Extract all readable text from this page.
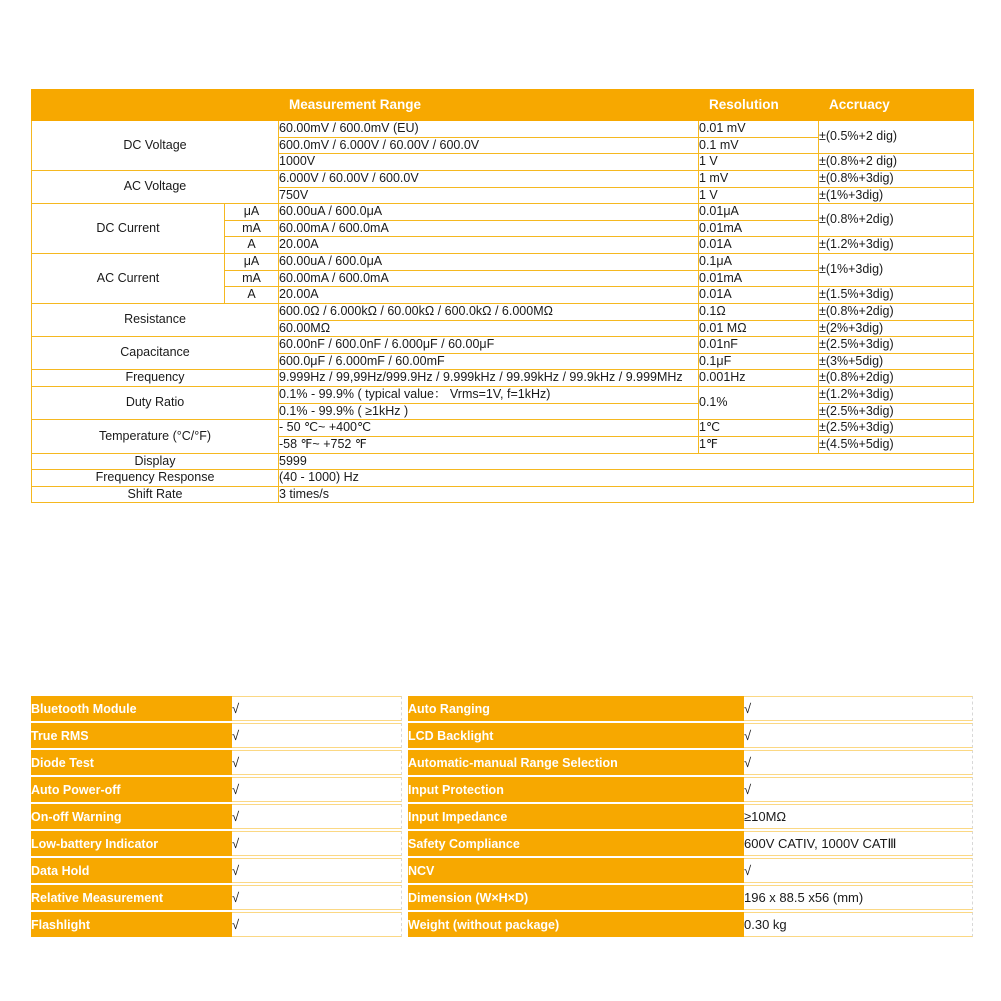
		Measurement Range	Resolution	Accruacy
DC Voltage		60.00mV / 600.0mV (EU)	0.01 mV	±(0.5%+2 dig)
		600.0mV / 6.000V / 60.00V / 600.0V	0.1 mV	
		1000V	1 V	±(0.8%+2 dig)
AC Voltage		6.000V / 60.00V / 600.0V	1 mV	±(0.8%+3dig)
		750V	1 V	±(1%+3dig)
DC Current	μA	60.00uA / 600.0μA	0.01μA	±(0.8%+2dig)
	mA	60.00mA / 600.0mA	0.01mA	
	A	20.00A	0.01A	±(1.2%+3dig)
AC Current	μA	60.00uA / 600.0μA	0.1μA	±(1%+3dig)
	mA	60.00mA / 600.0mA	0.01mA	
	A	20.00A	0.01A	±(1.5%+3dig)
Resistance		600.0Ω / 6.000kΩ / 60.00kΩ / 600.0kΩ / 6.000MΩ	0.1Ω	±(0.8%+2dig)
		60.00MΩ	0.01 MΩ	±(2%+3dig)
Capacitance		60.00nF / 600.0nF / 6.000μF / 60.00μF	0.01nF	±(2.5%+3dig)
		600.0μF / 6.000mF / 60.00mF	0.1μF	±(3%+5dig)
Frequency		9.999Hz / 99,99Hz/999.9Hz / 9.999kHz / 99.99kHz / 99.9kHz / 9.999MHz	0.001Hz	±(0.8%+2dig)
Duty Ratio		0.1% - 99.9% ( typical value： Vrms=1V, f=1kHz)	0.1%	±(1.2%+3dig)
		0.1% - 99.9% ( ≥1kHz )		±(2.5%+3dig)
Temperature (°C/°F)		- 50 ℃~ +400℃	1℃	±(2.5%+3dig)
		-58 ℉~ +752 ℉	1℉	±(4.5%+5dig)
Display		5999		
Frequency Response		(40 - 1000) Hz		
Shift Rate		3 times/s		
Bluetooth Module	√		Auto Ranging	√
True RMS	√		LCD Backlight	√
Diode Test	√		Automatic-manual Range Selection	√
Auto Power-off	√		Input Protection	√
On-off Warning	√		Input Impedance	≥10MΩ
Low-battery Indicator	√		Safety Compliance	600V CATIV, 1000V CATⅢ
Data Hold	√		NCV	√
Relative Measurement	√		Dimension (W×H×D)	196 x 88.5 x56 (mm)
Flashlight	√		Weight (without package)	0.30 kg
